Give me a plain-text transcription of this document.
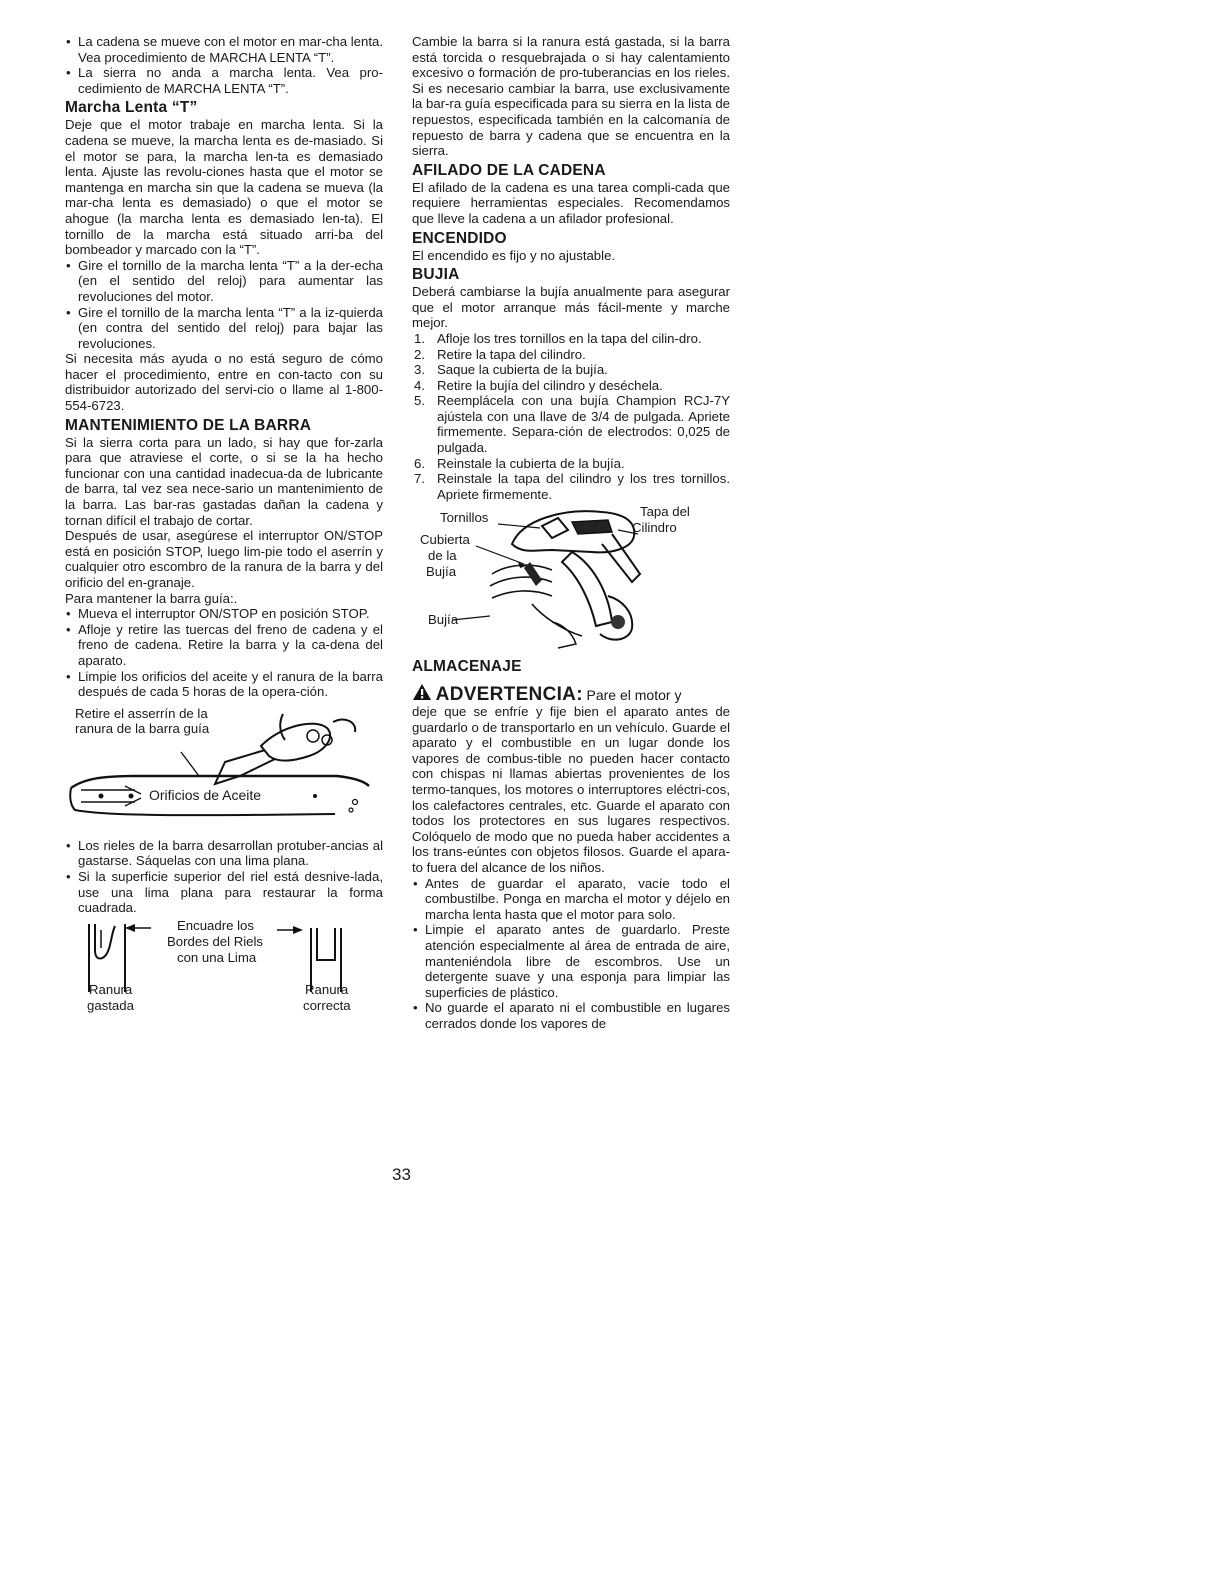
• La cadena se mueve con el motor en mar-cha lenta. Vea procedimiento de MARCHA LENTA “T”.
• La sierra no anda a marcha lenta. Vea pro-cedimiento de MARCHA LENTA “T”.
Marcha Lenta “T”

Deje que el motor trabaje en marcha lenta. Si la cadena se mueve, la marcha lenta es de-masiado. Si el motor se para, la marcha len-ta es demasiado lenta. Ajuste las revolu-ciones hasta que el motor se mantenga en marcha sin que la cadena se mueva (la mar-cha lenta es demasiado) o que el motor se ahogue (la marcha lenta es demasiado len-ta). El tornillo de la marcha está situado arri-ba del bombeador y marcado con la “T”.

• Gire el tornillo de la marcha lenta “T” a la der-echa (en el sentido del reloj) para aumentar las revoluciones del motor.
• Gire el tornillo de la marcha lenta “T” a la iz-quierda (en contra del sentido del reloj) para bajar las revoluciones.

Si necesita más ayuda o no está seguro de cómo hacer el procedimiento, entre en con-tacto con su distribuidor autorizado del servi-cio o llame al 1-800-554-6723.

MANTENIMIENTO DE LA BARRA

Si la sierra corta para un lado, si hay que for-zarla para que atraviese el corte, o si se la ha hecho funcionar con una cantidad inadecua-da de lubricante de barra, tal vez sea nece-sario un mantenimiento de la barra. Las bar-ras gastadas dañan la cadena y tornan difícil el trabajo de cortar.

Después de usar, asegúrese el interruptor ON/STOP está en posición STOP, luego lim-pie todo el aserrín y cualquier otro escombro de la ranura de la barra y del orificio del en-granaje.

Para mantener la barra guía:.

• Mueva el interruptor ON/STOP en posición STOP.
• Afloje y retire las tuercas del freno de cadena y el freno de cadena. Retire la barra y la ca-dena del aparato.
• Limpie los orificios del aceite y el ranura de la barra después de cada 5 horas de la opera-ción.
Retire el asserrín de la
ranura de la barra guía
Orificios de Aceite
• Los rieles de la barra desarrollan protuber-ancias al gastarse. Sáquelas con una lima plana.
• Si la superficie superior del riel está desnive-lada, use una lima plana para restaurar la forma cuadrada.
Encuadre los
Bordes del Riels
con una Lima
Ranura
gastada
Ranura
correcta

Cambie la barra si la ranura está gastada, si la barra está torcida o resquebrajada o si hay calentamiento excesivo o formación de pro-tuberancias en los rieles. Si es necesario cambiar la barra, use exclusivamente la bar-ra guía especificada para su sierra en la lista de repuestos, especificada también en la calcomanía de repuesto de barra y cadena que se encuentra en la sierra.

AFILADO DE LA CADENA

El afilado de la cadena es una tarea compli-cada que requiere herramientas especiales. Recomendamos que lleve la cadena a un afilador profesional.

ENCENDIDO

El encendido es fijo y no ajustable.

BUJIA

Deberá cambiarse la bujía anualmente para asegurar que el motor arranque más fácil-mente y marche mejor.

1. Afloje los tres tornillos en la tapa del cilin-dro.
2. Retire la tapa del cilindro.
3. Saque la cubierta de la bujía.
4. Retire la bujía del cilindro y deséchela.
5. Reemplácela con una bujía Champion RCJ-7Y ajústela con una llave de 3/4 de pulgada. Apriete firmemente. Separa-ción de electrodos: 0,025 de pulgada.
6. Reinstale la cubierta de la bujía.
7. Reinstale la tapa del cilindro y los tres tornillos. Apriete firmemente.
Tornillos	Tapa del
Cilindro
Cubierta
de la
Bujía
Bujía
ALMACENAJE
ADVERTENCIA: Pare el motor y

deje que se enfríe y fije bien el aparato antes de guardarlo o de transportarlo en un vehículo. Guarde el aparato y el combustible en un lugar donde los vapores de combus-tible no pueden hacer contacto con chispas ni llamas abiertas provenientes de los termo-tanques, los motores o interruptores eléctri-cos, los calefactores centrales, etc. Guarde el aparato con todos los protectores en sus lugares respectivos. Colóquelo de modo que no pueda haber accidentes a los trans-eúntes con objetos filosos. Guarde el apara-to fuera del alcance de los niños.

• Antes de guardar el aparato, vacíe todo el combustilbe. Ponga en marcha el motor y déjelo en marcha lenta hasta que el motor para solo.
• Limpie el aparato antes de guardarlo. Preste atención especialmente al área de entrada de aire, manteniéndola libre de escombros. Use un detergente suave y una esponja para limpiar las superficies de plástico.
• No guarde el aparato ni el combustible en lugares cerrados donde los vapores de
33
